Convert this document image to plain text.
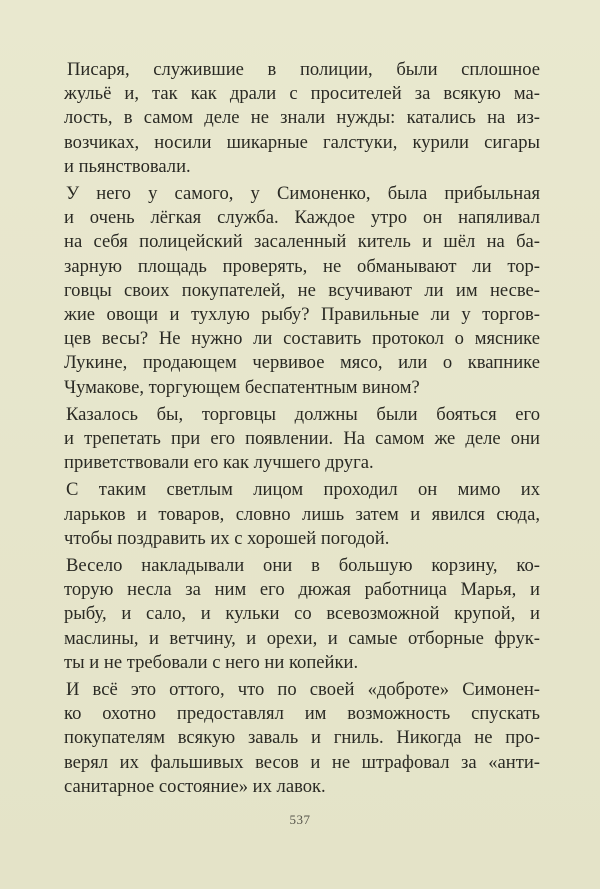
Писаря, служившие в полиции, были сплошное
жульё и, так как драли с просителей за всякую ма-
лость, в самом деле не знали нужды: катались на из-
возчиках, носили шикарные галстуки, курили сигары
и пьянствовали.

У него у самого, у Симоненко, была прибыльная
и очень лёгкая служба. Каждое утро он напяливал
на себя полицейский засаленный китель и шёл на ба-
зарную площадь проверять, не обманывают ли тор-
говцы своих покупателей, не всучивают ли им несве-
жие овощи и тухлую рыбу? Правильные ли у торгов-
цев весы? Не нужно ли составить протокол о мяснике
Лукине, продающем червивое мясо, или о квапнике
Чумакове, торгующем беспатентным вином?

Казалось бы, торговцы должны были бояться его
и трепетать при его появлении. На самом же деле они
приветствовали его как лучшего друга.

С таким светлым лицом проходил он мимо их
ларьков и товаров, словно лишь затем и явился сюда,
чтобы поздравить их с хорошей погодой.

Весело накладывали они в большую корзину, ко-
торую несла за ним его дюжая работница Марья, и
рыбу, и сало, и кульки со всевозможной крупой, и
маслины, и ветчину, и орехи, и самые отборные фрук-
ты и не требовали с него ни копейки.

И всё это оттого, что по своей «доброте» Симонен-
ко охотно предоставлял им возможность спускать
покупателям всякую заваль и гниль. Никогда не про-
верял их фальшивых весов и не штрафовал за «анти-
санитарное состояние» их лавок.

537
